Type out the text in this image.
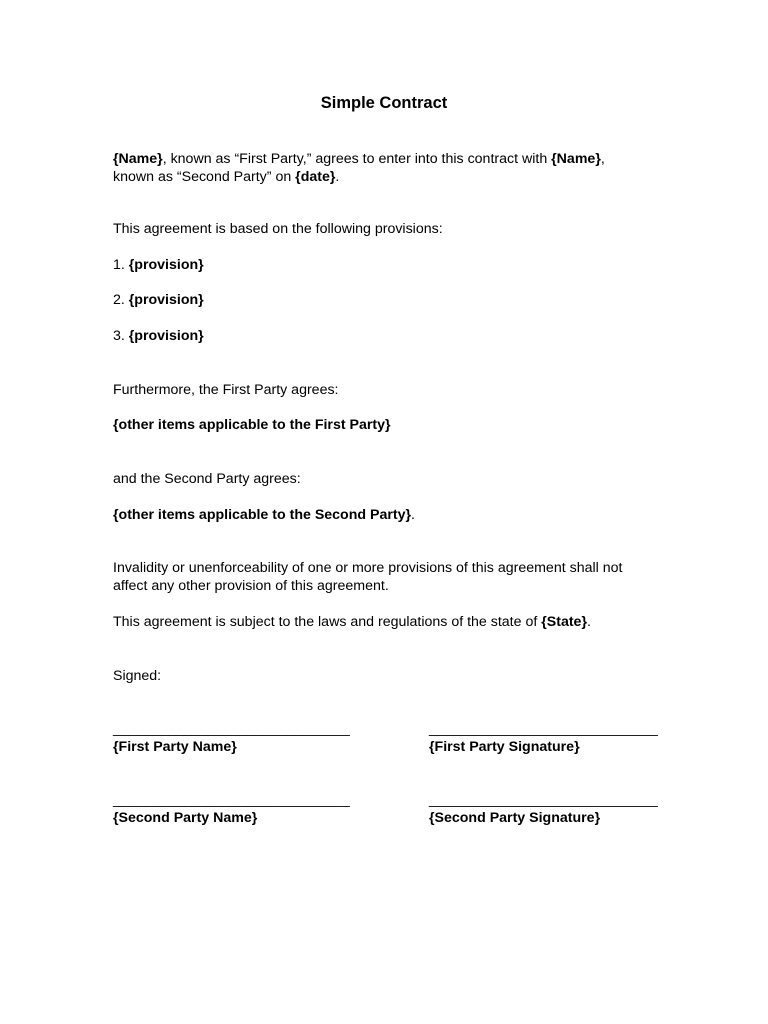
Simple Contract
{Name}, known as “First Party,” agrees to enter into this contract with {Name},
known as “Second Party” on {date}.
This agreement is based on the following provisions:
1. {provision}
2. {provision}
3. {provision}
Furthermore, the First Party agrees:
{other items applicable to the First Party}
and the Second Party agrees:
{other items applicable to the Second Party}.
Invalidity or unenforceability of one or more provisions of this agreement shall not
affect any other provision of this agreement.
This agreement is subject to the laws and regulations of the state of {State}.
Signed:
______________________________	_____________________________
{First Party Name}	{First Party Signature}
______________________________	_____________________________
{Second Party Name}	{Second Party Signature}
